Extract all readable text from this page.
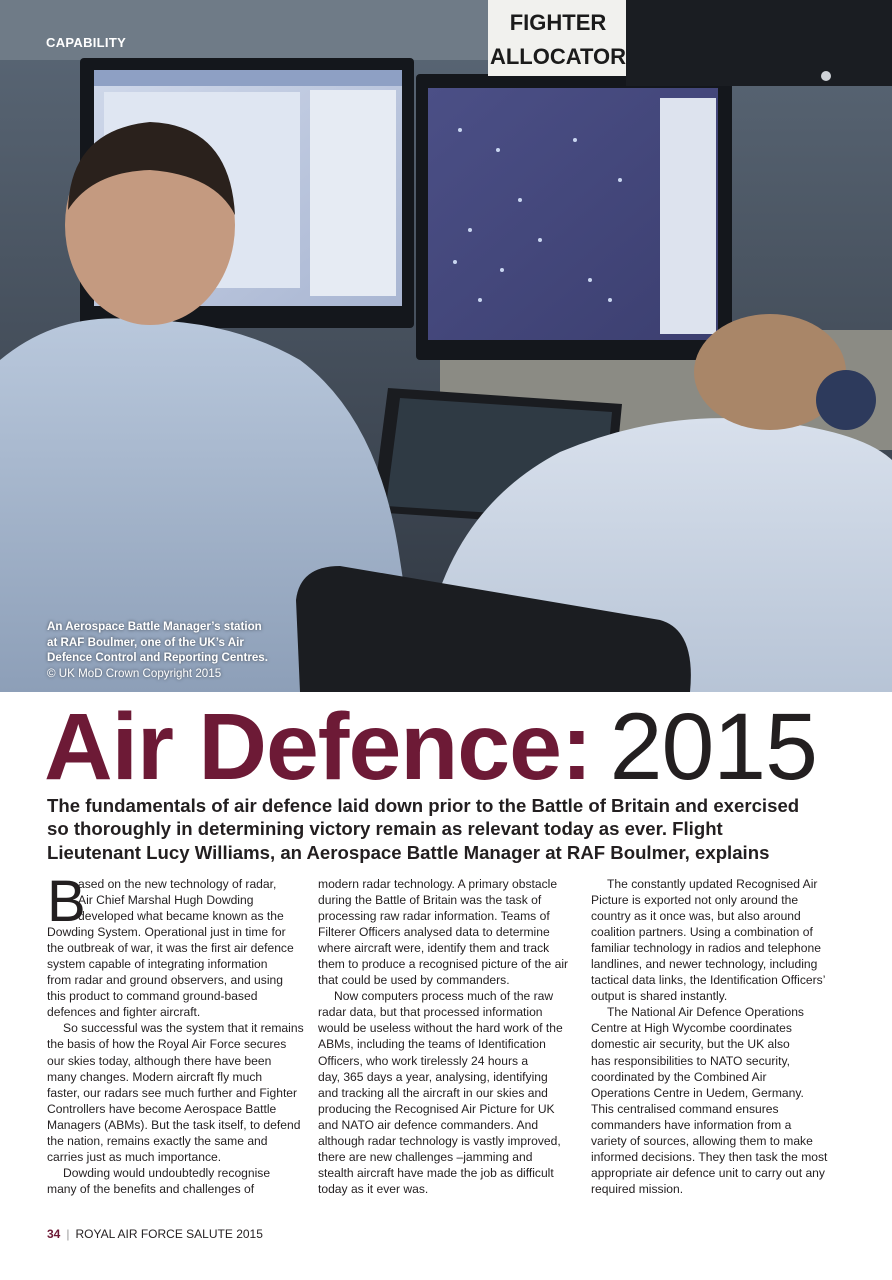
FIGHTER
ALLOCATOR
CAPABILITY
An Aerospace Battle Manager’s station
at RAF Boulmer, one of the UK’s Air
Defence Control and Reporting Centres.
© UK MoD Crown Copyright 2015
Air Defence: 2015
The fundamentals of air defence laid down prior to the Battle of Britain and exercised
so thoroughly in determining victory remain as relevant today as ever. Flight
Lieutenant Lucy Williams, an Aerospace Battle Manager at RAF Boulmer, explains
B
ased on the new technology of radar,
Air Chief Marshal Hugh Dowding
developed what became known as the
Dowding System. Operational just in time for
the outbreak of war, it was the first air defence
system capable of integrating information
from radar and ground observers, and using
this product to command ground-based
defences and fighter aircraft.
So successful was the system that it remains
the basis of how the Royal Air Force secures
our skies today, although there have been
many changes. Modern aircraft fly much
faster, our radars see much further and Fighter
Controllers have become Aerospace Battle
Managers (ABMs). But the task itself, to defend
the nation, remains exactly the same and
carries just as much importance.
Dowding would undoubtedly recognise
many of the benefits and challenges of
modern radar technology. A primary obstacle
during the Battle of Britain was the task of
processing raw radar information. Teams of
Filterer Officers analysed data to determine
where aircraft were, identify them and track
them to produce a recognised picture of the air
that could be used by commanders.
Now computers process much of the raw
radar data, but that processed information
would be useless without the hard work of the
ABMs, including the teams of Identification
Officers, who work tirelessly 24 hours a
day, 365 days a year, analysing, identifying
and tracking all the aircraft in our skies and
producing the Recognised Air Picture for UK
and NATO air defence commanders. And
although radar technology is vastly improved,
there are new challenges –jamming and
stealth aircraft have made the job as difficult
today as it ever was.
The constantly updated Recognised Air
Picture is exported not only around the
country as it once was, but also around
coalition partners. Using a combination of
familiar technology in radios and telephone
landlines, and newer technology, including
tactical data links, the Identification Officers’
output is shared instantly.
The National Air Defence Operations
Centre at High Wycombe coordinates
domestic air security, but the UK also
has responsibilities to NATO security,
coordinated by the Combined Air
Operations Centre in Uedem, Germany.
This centralised command ensures
commanders have information from a
variety of sources, allowing them to make
informed decisions. They then task the most
appropriate air defence unit to carry out any
required mission.
34 | ROYAL AIR FORCE SALUTE 2015
